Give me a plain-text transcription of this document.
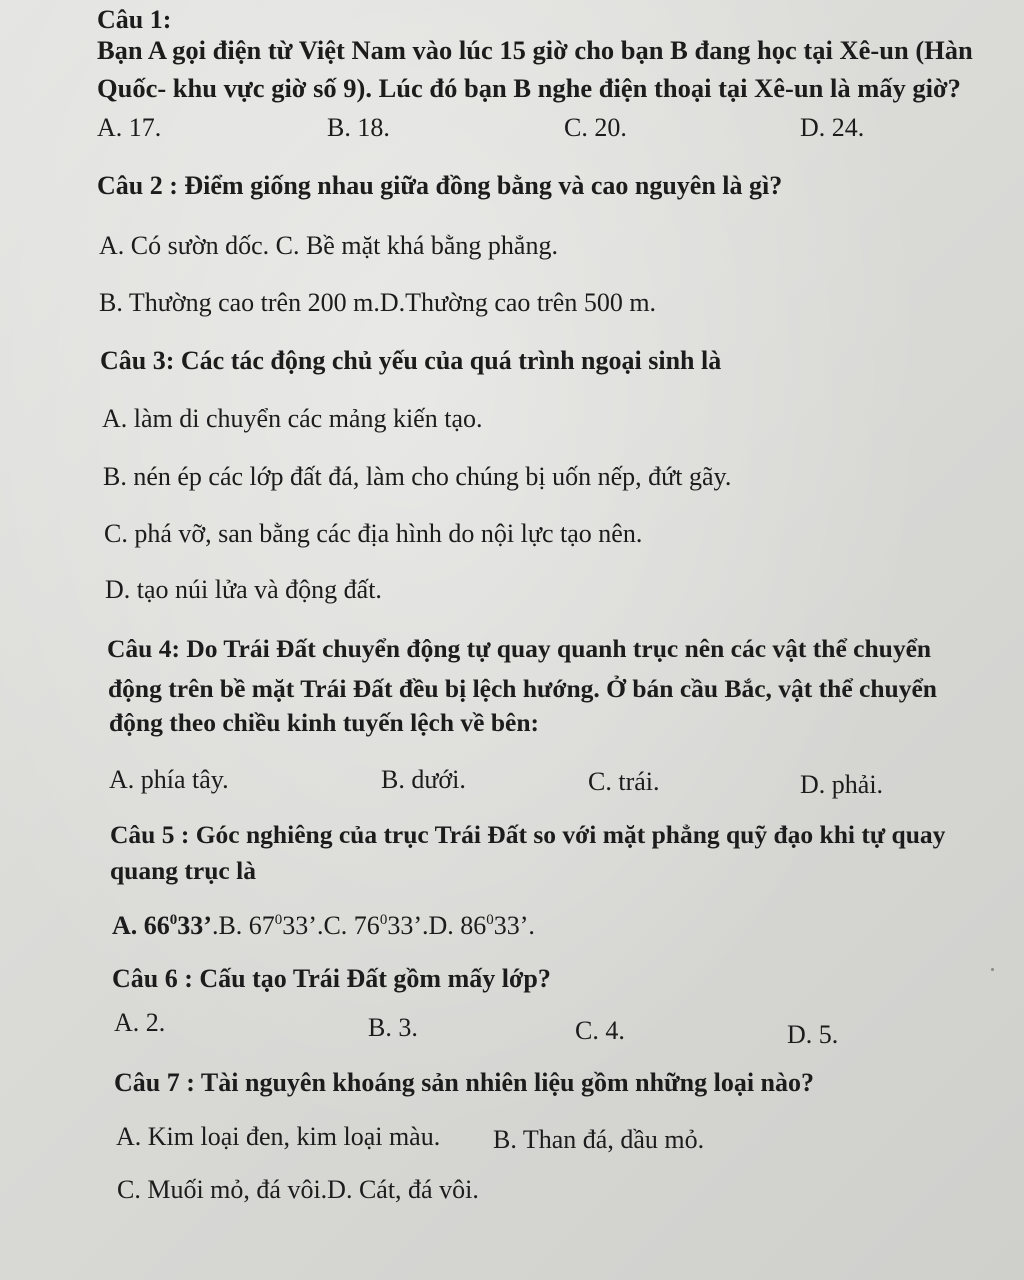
Câu 1:
Bạn A gọi điện từ Việt Nam vào lúc 15 giờ cho bạn B đang học tại Xê-un (Hàn
Quốc- khu vực giờ số 9). Lúc đó bạn B nghe điện thoại tại Xê-un là mấy giờ?
A. 17.	B. 18.	C. 20.	D. 24.
Câu 2 : Điểm giống nhau giữa đồng bằng và cao nguyên là gì?
A. Có sườn dốc. C. Bề mặt khá bằng phẳng.
B. Thường cao trên 200 m.D.Thường cao trên 500 m.
Câu 3: Các tác động chủ yếu của quá trình ngoại sinh là
A. làm di chuyển các mảng kiến tạo.
B. nén ép các lớp đất đá, làm cho chúng bị uốn nếp, đứt gãy.
C. phá vỡ, san bằng các địa hình do nội lực tạo nên.
D. tạo núi lửa và động đất.
Câu 4: Do Trái Đất chuyển động tự quay quanh trục nên các vật thể chuyển
động trên bề mặt Trái Đất đều bị lệch hướng. Ở bán cầu Bắc, vật thể chuyển
động theo chiều kinh tuyến lệch về bên:
A. phía tây.	B. dưới.	C. trái.	D. phải.
Câu 5 : Góc nghiêng của trục Trái Đất so với mặt phẳng quỹ đạo khi tự quay
quang trục là
A. $66^033’.B$. $67^033’.C$. $76^033’.D$. $86^033$’.
Câu 6 : Cấu tạo Trái Đất gồm mấy lớp?
A. 2.	B. 3.	C. 4.	D. 5.
Câu 7 : Tài nguyên khoáng sản nhiên liệu gồm những loại nào?
A. Kim loại đen, kim loại màu. B. Than đá, dầu mỏ.
C. Muối mỏ, đá vôi.D. Cát, đá vôi.
